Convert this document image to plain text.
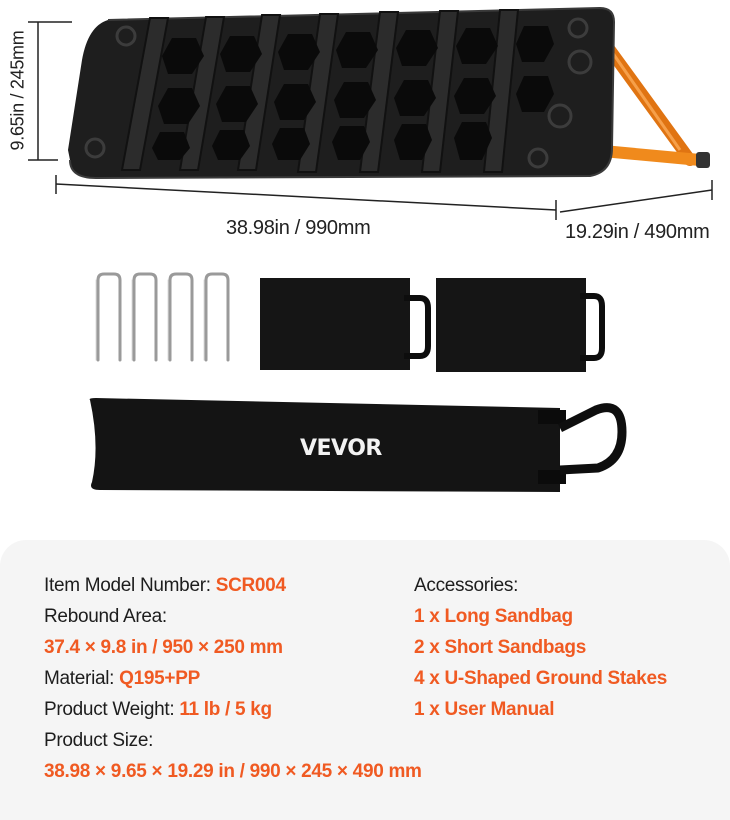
9.65in / 245mm
38.98in / 990mm	19.29in / 490mm
VEVOR
Item Model Number: SCR004
Rebound Area:
37.4 × 9.8 in / 950 × 250 mm
Material: Q195+PP
Product Weight: 11 lb / 5 kg
Product Size:
38.98 × 9.65 × 19.29 in / 990 × 245 × 490 mm
Accessories:
1 x Long Sandbag
2 x Short Sandbags
4 x U-Shaped Ground Stakes
1 x User Manual
